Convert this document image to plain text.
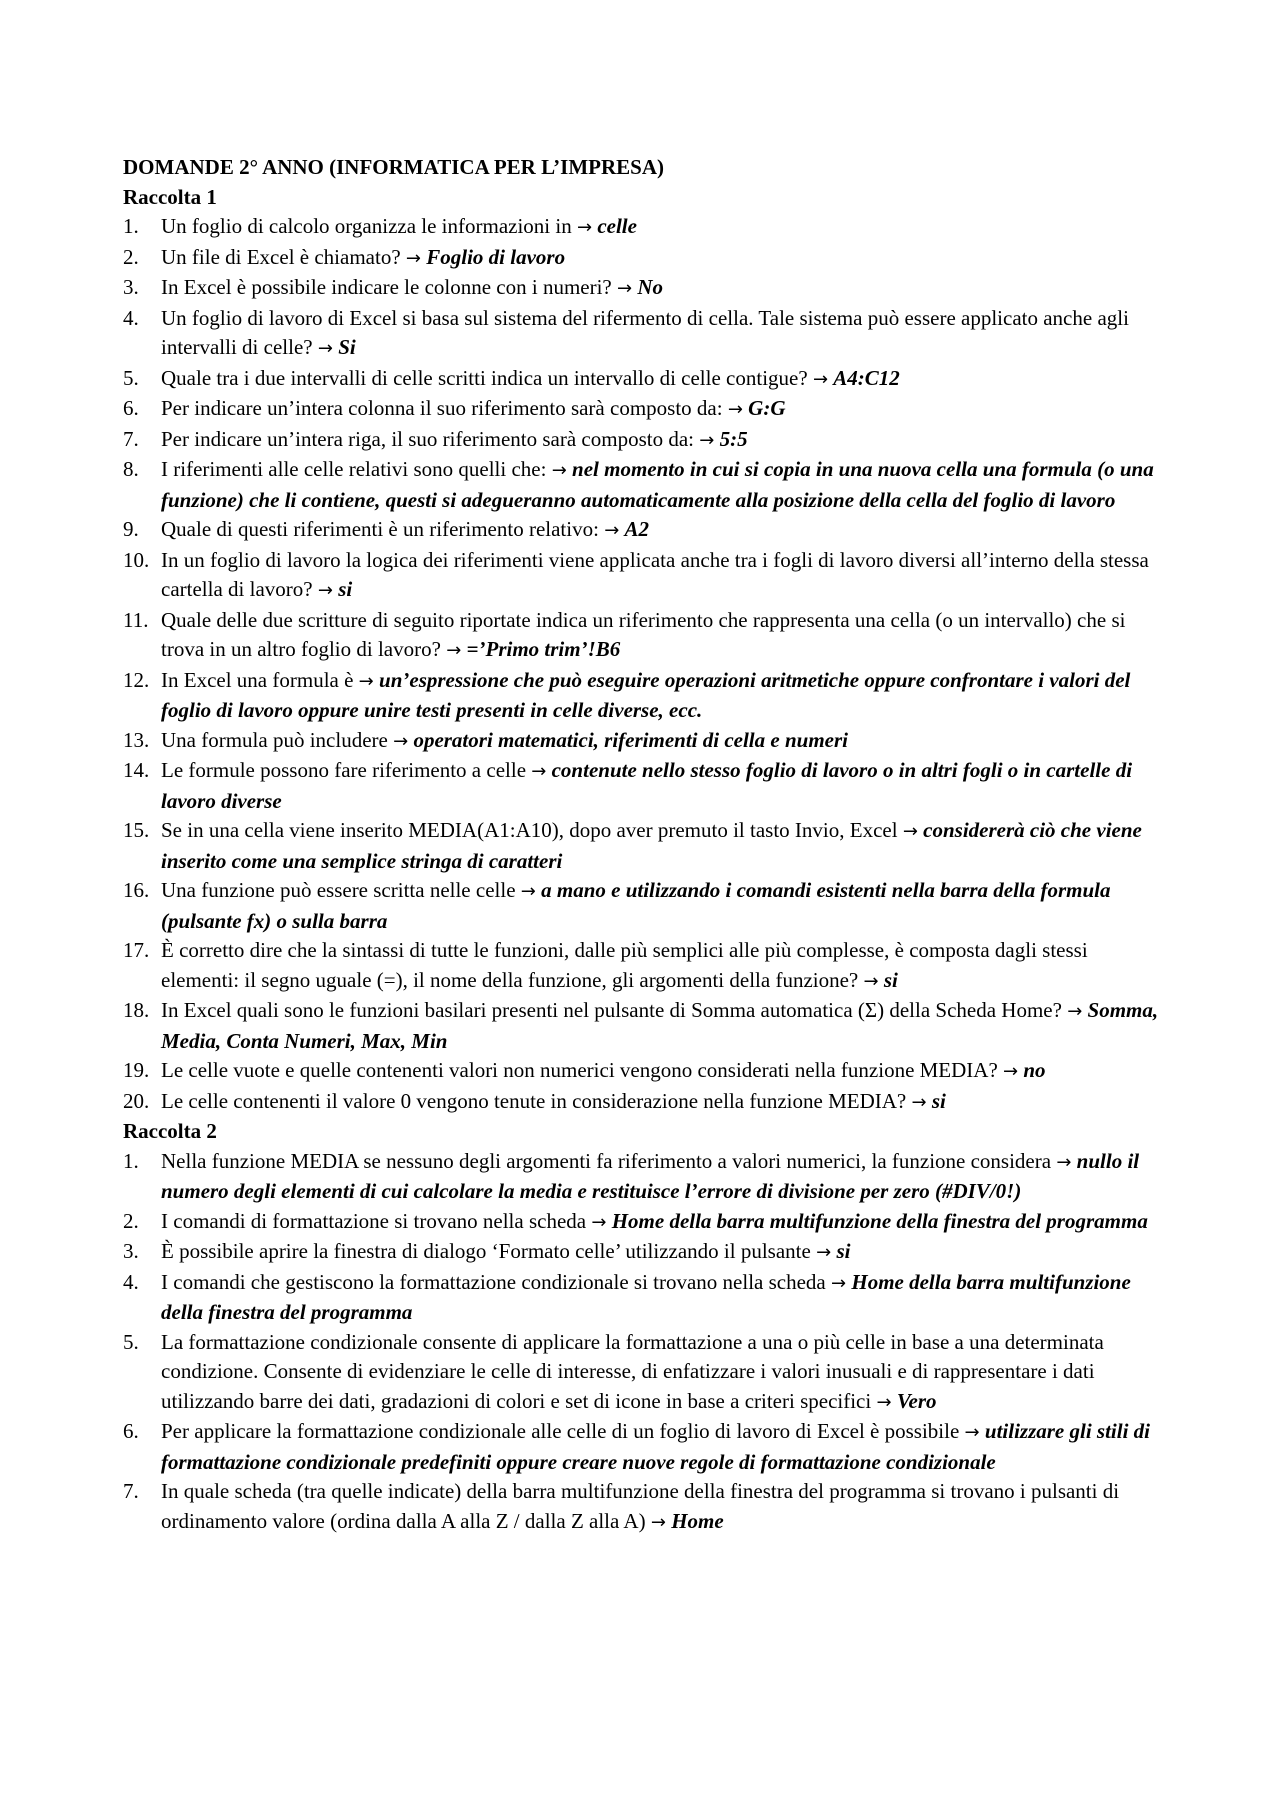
DOMANDE 2° ANNO (INFORMATICA PER L’IMPRESA)

Raccolta 1

1. Un foglio di calcolo organizza le informazioni in → celle
2. Un file di Excel è chiamato? → Foglio di lavoro
3. In Excel è possibile indicare le colonne con i numeri? → No
4. Un foglio di lavoro di Excel si basa sul sistema del rifermento di cella. Tale sistema può essere applicato anche agli intervalli di celle? → Si
5. Quale tra i due intervalli di celle scritti indica un intervallo di celle contigue? → A4:C12
6. Per indicare un’intera colonna il suo riferimento sarà composto da: → G:G
7. Per indicare un’intera riga, il suo riferimento sarà composto da: → 5:5
8. I riferimenti alle celle relativi sono quelli che: → nel momento in cui si copia in una nuova cella una formula (o una funzione) che li contiene, questi si adegueranno automaticamente alla posizione della cella del foglio di lavoro
9. Quale di questi riferimenti è un riferimento relativo: → A2
10. In un foglio di lavoro la logica dei riferimenti viene applicata anche tra i fogli di lavoro diversi all’interno della stessa cartella di lavoro? → si
11. Quale delle due scritture di seguito riportate indica un riferimento che rappresenta una cella (o un intervallo) che si trova in un altro foglio di lavoro? → =’Primo trim’!B6
12. In Excel una formula è → un’espressione che può eseguire operazioni aritmetiche oppure confrontare i valori del foglio di lavoro oppure unire testi presenti in celle diverse, ecc.
13. Una formula può includere → operatori matematici, riferimenti di cella e numeri
14. Le formule possono fare riferimento a celle → contenute nello stesso foglio di lavoro o in altri fogli o in cartelle di lavoro diverse
15. Se in una cella viene inserito MEDIA(A1:A10), dopo aver premuto il tasto Invio, Excel → considererà ciò che viene inserito come una semplice stringa di caratteri
16. Una funzione può essere scritta nelle celle → a mano e utilizzando i comandi esistenti nella barra della formula (pulsante fx) o sulla barra
17. È corretto dire che la sintassi di tutte le funzioni, dalle più semplici alle più complesse, è composta dagli stessi elementi: il segno uguale (=), il nome della funzione, gli argomenti della funzione? → si
18. In Excel quali sono le funzioni basilari presenti nel pulsante di Somma automatica (Σ) della Scheda Home? → Somma, Media, Conta Numeri, Max, Min
19. Le celle vuote e quelle contenenti valori non numerici vengono considerati nella funzione MEDIA? → no
20. Le celle contenenti il valore 0 vengono tenute in considerazione nella funzione MEDIA? → si

Raccolta 2

1. Nella funzione MEDIA se nessuno degli argomenti fa riferimento a valori numerici, la funzione considera → nullo il numero degli elementi di cui calcolare la media e restituisce l’errore di divisione per zero (#DIV/0!)
2. I comandi di formattazione si trovano nella scheda → Home della barra multifunzione della finestra del programma
3. È possibile aprire la finestra di dialogo ‘Formato celle’ utilizzando il pulsante → si
4. I comandi che gestiscono la formattazione condizionale si trovano nella scheda → Home della barra multifunzione della finestra del programma
5. La formattazione condizionale consente di applicare la formattazione a una o più celle in base a una determinata condizione. Consente di evidenziare le celle di interesse, di enfatizzare i valori inusuali e di rappresentare i dati utilizzando barre dei dati, gradazioni di colori e set di icone in base a criteri specifici → Vero
6. Per applicare la formattazione condizionale alle celle di un foglio di lavoro di Excel è possibile → utilizzare gli stili di formattazione condizionale predefiniti oppure creare nuove regole di formattazione condizionale
7. In quale scheda (tra quelle indicate) della barra multifunzione della finestra del programma si trovano i pulsanti di ordinamento valore (ordina dalla A alla Z / dalla Z alla A) → Home
